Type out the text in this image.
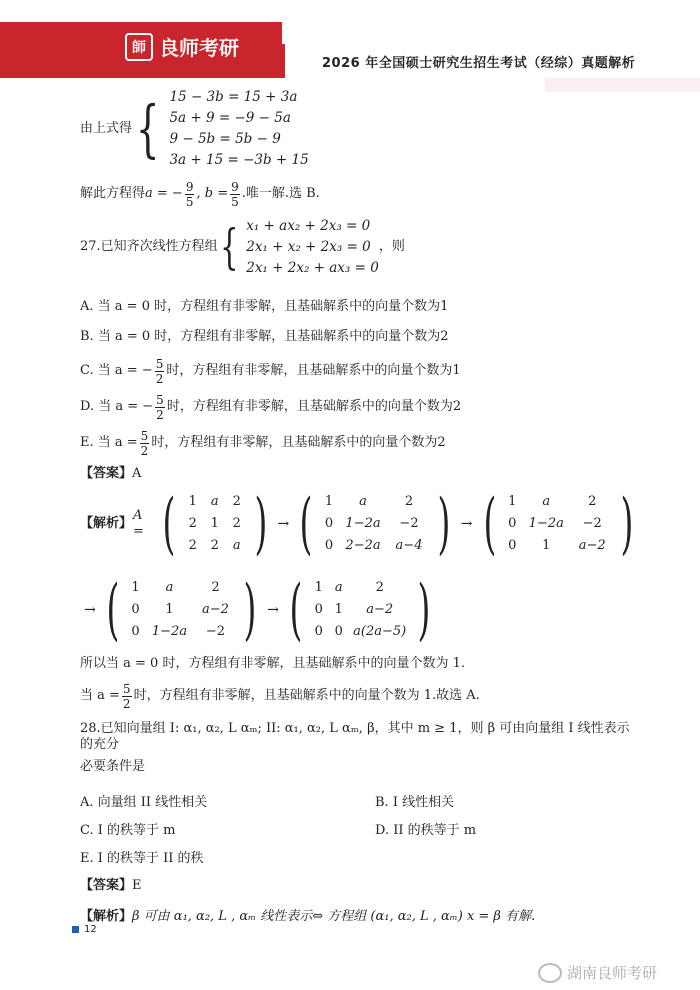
師 良师考研
2026 年全国硕士研究生招生考试（经综）真题解析
由上式得 { 15 − 3b = 15 + 3a
5a + 9 = −9 − 5a
9 − 5b = 5b − 9
3a + 15 = −3b + 15
解此方程得 a = − $\frac{9}{5}$ , $b = \frac{9}{5}$ .唯一解.选 B.
27.已知齐次线性方程组 { x₁ + ax₂ + 2x₃ = 0
2x₁ + x₂ + 2x₃ = 0
2x₁ + 2x₂ + ax₃ = 0
，则
A. 当 a = 0 时，方程组有非零解，且基础解系中的向量个数为1
B. 当 a = 0 时，方程组有非零解，且基础解系中的向量个数为2
C. 当 a = − $\frac{5}{2}$ 时，方程组有非零解，且基础解系中的向量个数为1
D. 当 a = − $\frac{5}{2}$ 时，方程组有非零解，且基础解系中的向量个数为2
E. 当 $a = \frac{5}{2}$ 时，方程组有非零解，且基础解系中的向量个数为2
【答案】 A
【解析】
A = (	1	a	2
2	1	2
2	2	a ) → ( 1	a	2
0 1−2a	−2
0 2−2a	a−4 ) → ( 1	a	2
0 1−2a	−2
0	1	a−2 )
→ ( 1	a	2
0	1	a−2
0 1−2a	−2 ) → ( 1 a	2
0 1	a−2
0 0 a(2a−5) )
所以当 a = 0 时，方程组有非零解，且基础解系中的向量个数为 1.
当 $a = \frac{5}{2}$ 时，方程组有非零解，且基础解系中的向量个数为 1.故选 A.
28.已知向量组 I: α₁, α₂, L αₘ; II: α₁, α₂, L αₘ, β，其中 m ≥ 1，则 β 可由向量组 I 线性表示的充分
必要条件是
A. 向量组 II 线性相关	B. I 线性相关
C. I 的秩等于 m	D. II 的秩等于 m
E. I 的秩等于 II 的秩
【答案】 E
【解析】 β 可由 α₁, α₂, L , αₘ 线性表示⇔ 方程组 (α₁, α₂, L , αₘ) x = β 有解.
12
湖南良师考研
